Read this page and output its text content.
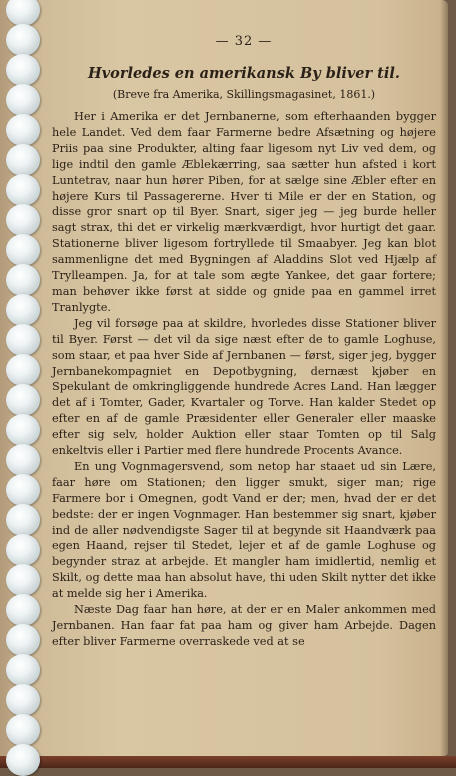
— 32 —
Hvorledes en amerikansk By bliver til.
(Breve fra Amerika, Skillingsmagasinet, 1861.)

Her i Amerika er det Jernbanerne, som efterhaanden bygger hele Landet. Ved dem faar Farmerne bedre Afsætning og højere Priis paa sine Produkter, alting faar ligesom nyt Liv ved dem, og lige indtil den gamle Æblekærring, saa sætter hun afsted i kort Luntetrav, naar hun hører Piben, for at sælge sine Æbler efter en højere Kurs til Passagererne. Hver ti Mile er der en Station, og disse gror snart op til Byer. Snart, siger jeg — jeg burde heller sagt strax, thi det er virkelig mærkværdigt, hvor hurtigt det gaar. Stationerne bliver ligesom fortryllede til Smaabyer. Jeg kan blot sammenligne det med Bygningen af Aladdins Slot ved Hjælp af Trylleampen. Ja, for at tale som ægte Yankee, det gaar fortere; man behøver ikke først at sidde og gnide paa en gammel irret Tranlygte.

Jeg vil forsøge paa at skildre, hvorledes disse Stationer bliver til Byer. Først — det vil da sige næst efter de to gamle Loghuse, som staar, et paa hver Side af Jernbanen — først, siger jeg, bygger Jernbanekompagniet en Depotbygning, dernæst kjøber en Spekulant de omkringliggende hundrede Acres Land. Han lægger det af i Tomter, Gader, Kvartaler og Torve. Han kalder Stedet op efter en af de gamle Præsidenter eller Generaler eller maaske efter sig selv, holder Auktion eller staar Tomten op til Salg enkeltvis eller i Partier med flere hundrede Procents Avance.

En ung Vognmagersvend, som netop har staaet ud sin Lære, faar høre om Stationen; den ligger smukt, siger man; rige Farmere bor i Omegnen, godt Vand er der; men, hvad der er det bedste: der er ingen Vognmager. Han bestemmer sig snart, kjøber ind de aller nødvendigste Sager til at begynde sit Haandværk paa egen Haand, rejser til Stedet, lejer et af de gamle Loghuse og begynder straz at arbejde. Et mangler ham imidlertid, nemlig et Skilt, og dette maa han absolut have, thi uden Skilt nytter det ikke at melde sig her i Amerika.

Næste Dag faar han høre, at der er en Maler ankommen med Jernbanen. Han faar fat paa ham og giver ham Arbejde. Dagen efter bliver Farmerne overraskede ved at se
